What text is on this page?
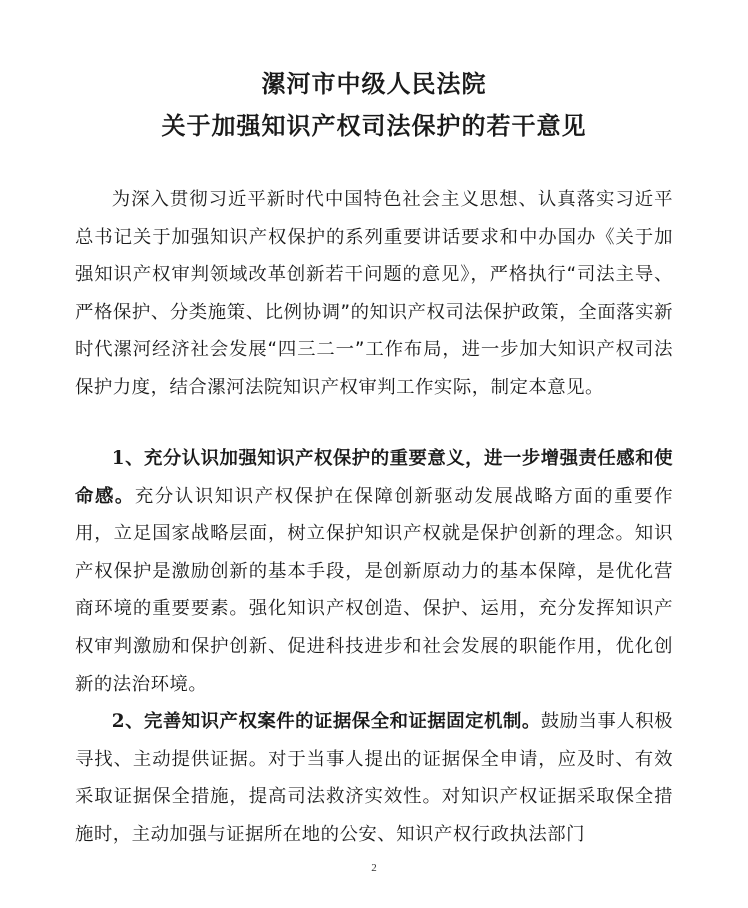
漯河市中级人民法院
关于加强知识产权司法保护的若干意见
为深入贯彻习近平新时代中国特色社会主义思想、认真落实习近平总书记关于加强知识产权保护的系列重要讲话要求和中办国办《关于加强知识产权审判领域改革创新若干问题的意见》，严格执行“司法主导、严格保护、分类施策、比例协调”的知识产权司法保护政策，全面落实新时代漯河经济社会发展“四三二一”工作布局，进一步加大知识产权司法保护力度，结合漯河法院知识产权审判工作实际，制定本意见。
1、充分认识加强知识产权保护的重要意义，进一步增强责任感和使命感。充分认识知识产权保护在保障创新驱动发展战略方面的重要作用，立足国家战略层面，树立保护知识产权就是保护创新的理念。知识产权保护是激励创新的基本手段，是创新原动力的基本保障，是优化营商环境的重要要素。强化知识产权创造、保护、运用，充分发挥知识产权审判激励和保护创新、促进科技进步和社会发展的职能作用，优化创新的法治环境。
2、完善知识产权案件的证据保全和证据固定机制。鼓励当事人积极寻找、主动提供证据。对于当事人提出的证据保全申请，应及时、有效采取证据保全措施，提高司法救济实效性。对知识产权证据采取保全措施时，主动加强与证据所在地的公安、知识产权行政执法部门
2
